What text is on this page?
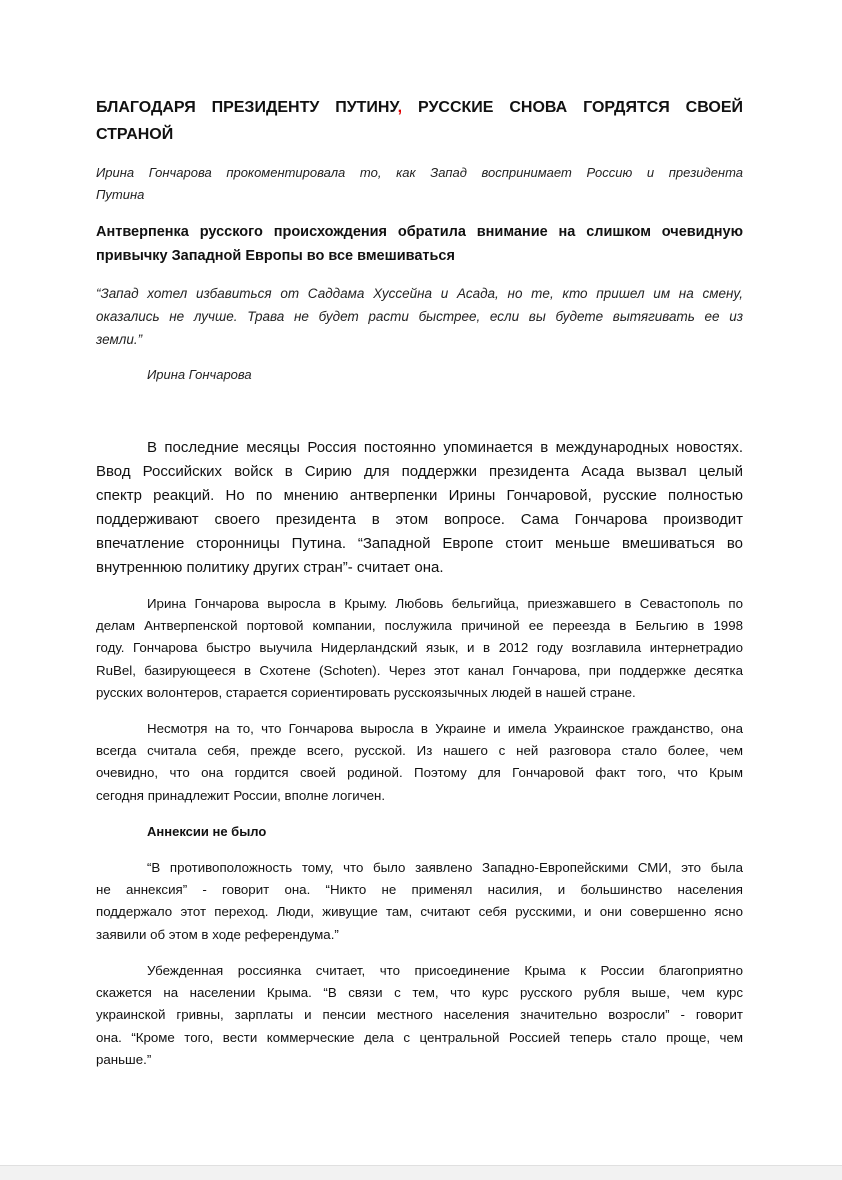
БЛАГОДАРЯ ПРЕЗИДЕНТУ ПУТИНУ, РУССКИЕ СНОВА ГОРДЯТСЯ СВОЕЙ
СТРАНОЙ
Ирина Гончарова прокоментировала то, как Запад воспринимает Россию и президента
Путина
Антверпенка русского происхождения обратила внимание на слишком очевидную
привычку Западной Европы во все вмешиваться
“Запад хотел избавиться от Саддама Хуссейна и Асада, но те, кто пришел им на смену,
оказались не лучше. Трава не будет расти быстрее, если вы будете вытягивать ее из
земли.”
Ирина Гончарова
В последние месяцы Россия постоянно упоминается в международных новостях.
Ввод Российских войск в Сирию для поддержки президента Асада вызвал целый
спектр реакций. Но по мнению антверпенки Ирины Гончаровой, русские полностью
поддерживают своего президента в этом вопросе. Сама Гончарова производит
впечатление сторонницы Путина. “Западной Европе стоит меньше вмешиваться во
внутреннюю политику других стран”- считает она.
Ирина Гончарова выросла в Крыму. Любовь бельгийца, приезжавшего в Севастополь по
делам Антверпенской портовой компании, послужила причиной ее переезда в Бельгию в 1998
году. Гончарова быстро выучила Нидерландский язык, и в 2012 году возглавила интернетрадио
RuBel, базирующееся в Схотене (Schoten). Через этот канал Гончарова, при поддержке десятка
русских волонтеров, старается сориентировать русскоязычных людей в нашей стране.
Несмотря на то, что Гончарова выросла в Украине и имела Украинское гражданство, она
всегда считала себя, прежде всего, русской. Из нашего с ней разговора стало более, чем
очевидно, что она гордится своей родиной. Поэтому для Гончаровой факт того, что Крым
сегодня принадлежит России, вполне логичен.
Аннексии не было
“В противоположность тому, что было заявлено Западно-Европейскими СМИ, это была
не аннексия” - говорит она. “Никто не применял насилия, и большинство населения
поддержало этот переход. Люди, живущие там, считают себя русскими, и они совершенно ясно
заявили об этом в ходе референдума.”
Убежденная россиянка считает, что присоединение Крыма к России благоприятно
скажется на населении Крыма. “В связи с тем, что курс русского рубля выше, чем курс
украинской гривны, зарплаты и пенсии местного населения значительно возросли” - говорит
она. “Кроме того, вести коммерческие дела с центральной Россией теперь стало проще, чем
раньше.”
